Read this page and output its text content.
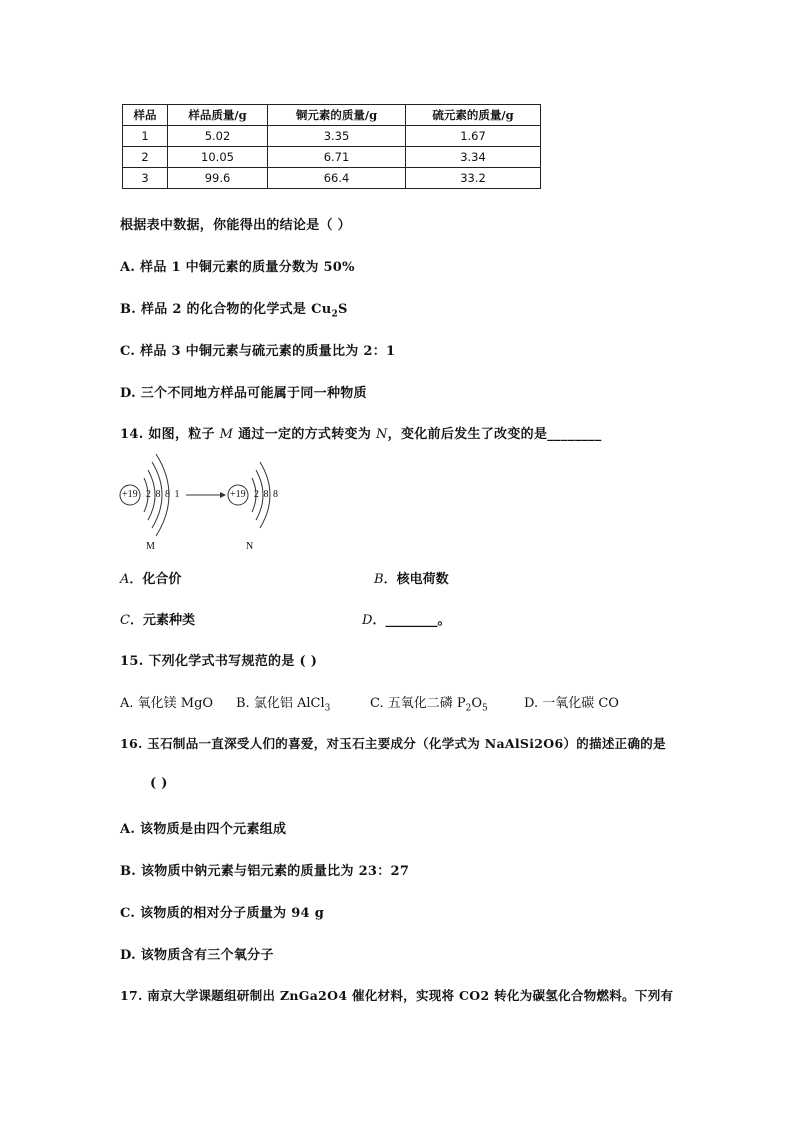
样品	样品质量/g	铜元素的质量/g	硫元素的质量/g
1	5.02	3.35	1.67
2	10.05	6.71	3.34
3	99.6	66.4	33.2
根据表中数据，你能得出的结论是（ ）
A. 样品 1 中铜元素的质量分数为 50%
B. 样品 2 的化合物的化学式是 $Cu_2S$
C. 样品 3 中铜元素与硫元素的质量比为 2：1
D. 三个不同地方样品可能属于同一种物质
14. 如图，粒子 M 通过一定的方式转变为 N，变化前后发生了改变的是________
+19 2 8 8 1	+19 2 8 8
M	N
A．化合价	B．核电荷数
C．元素种类	D．________。
15. 下列化学式书写规范的是 ( )
A. 氧化镁 MgO B. 氯化铝 AlCl$_3$	C. 五氧化二磷 $P_2O_5$	D. 一氧化碳 CO
16. 玉石制品一直深受人们的喜爱，对玉石主要成分（化学式为 NaAlSi2O6）的描述正确的是
( )
A. 该物质是由四个元素组成
B. 该物质中钠元素与铝元素的质量比为 23：27
C. 该物质的相对分子质量为 94 g
D. 该物质含有三个氧分子
17. 南京大学课题组研制出 ZnGa2O4 催化材料，实现将 CO2 转化为碳氢化合物燃料。下列有
